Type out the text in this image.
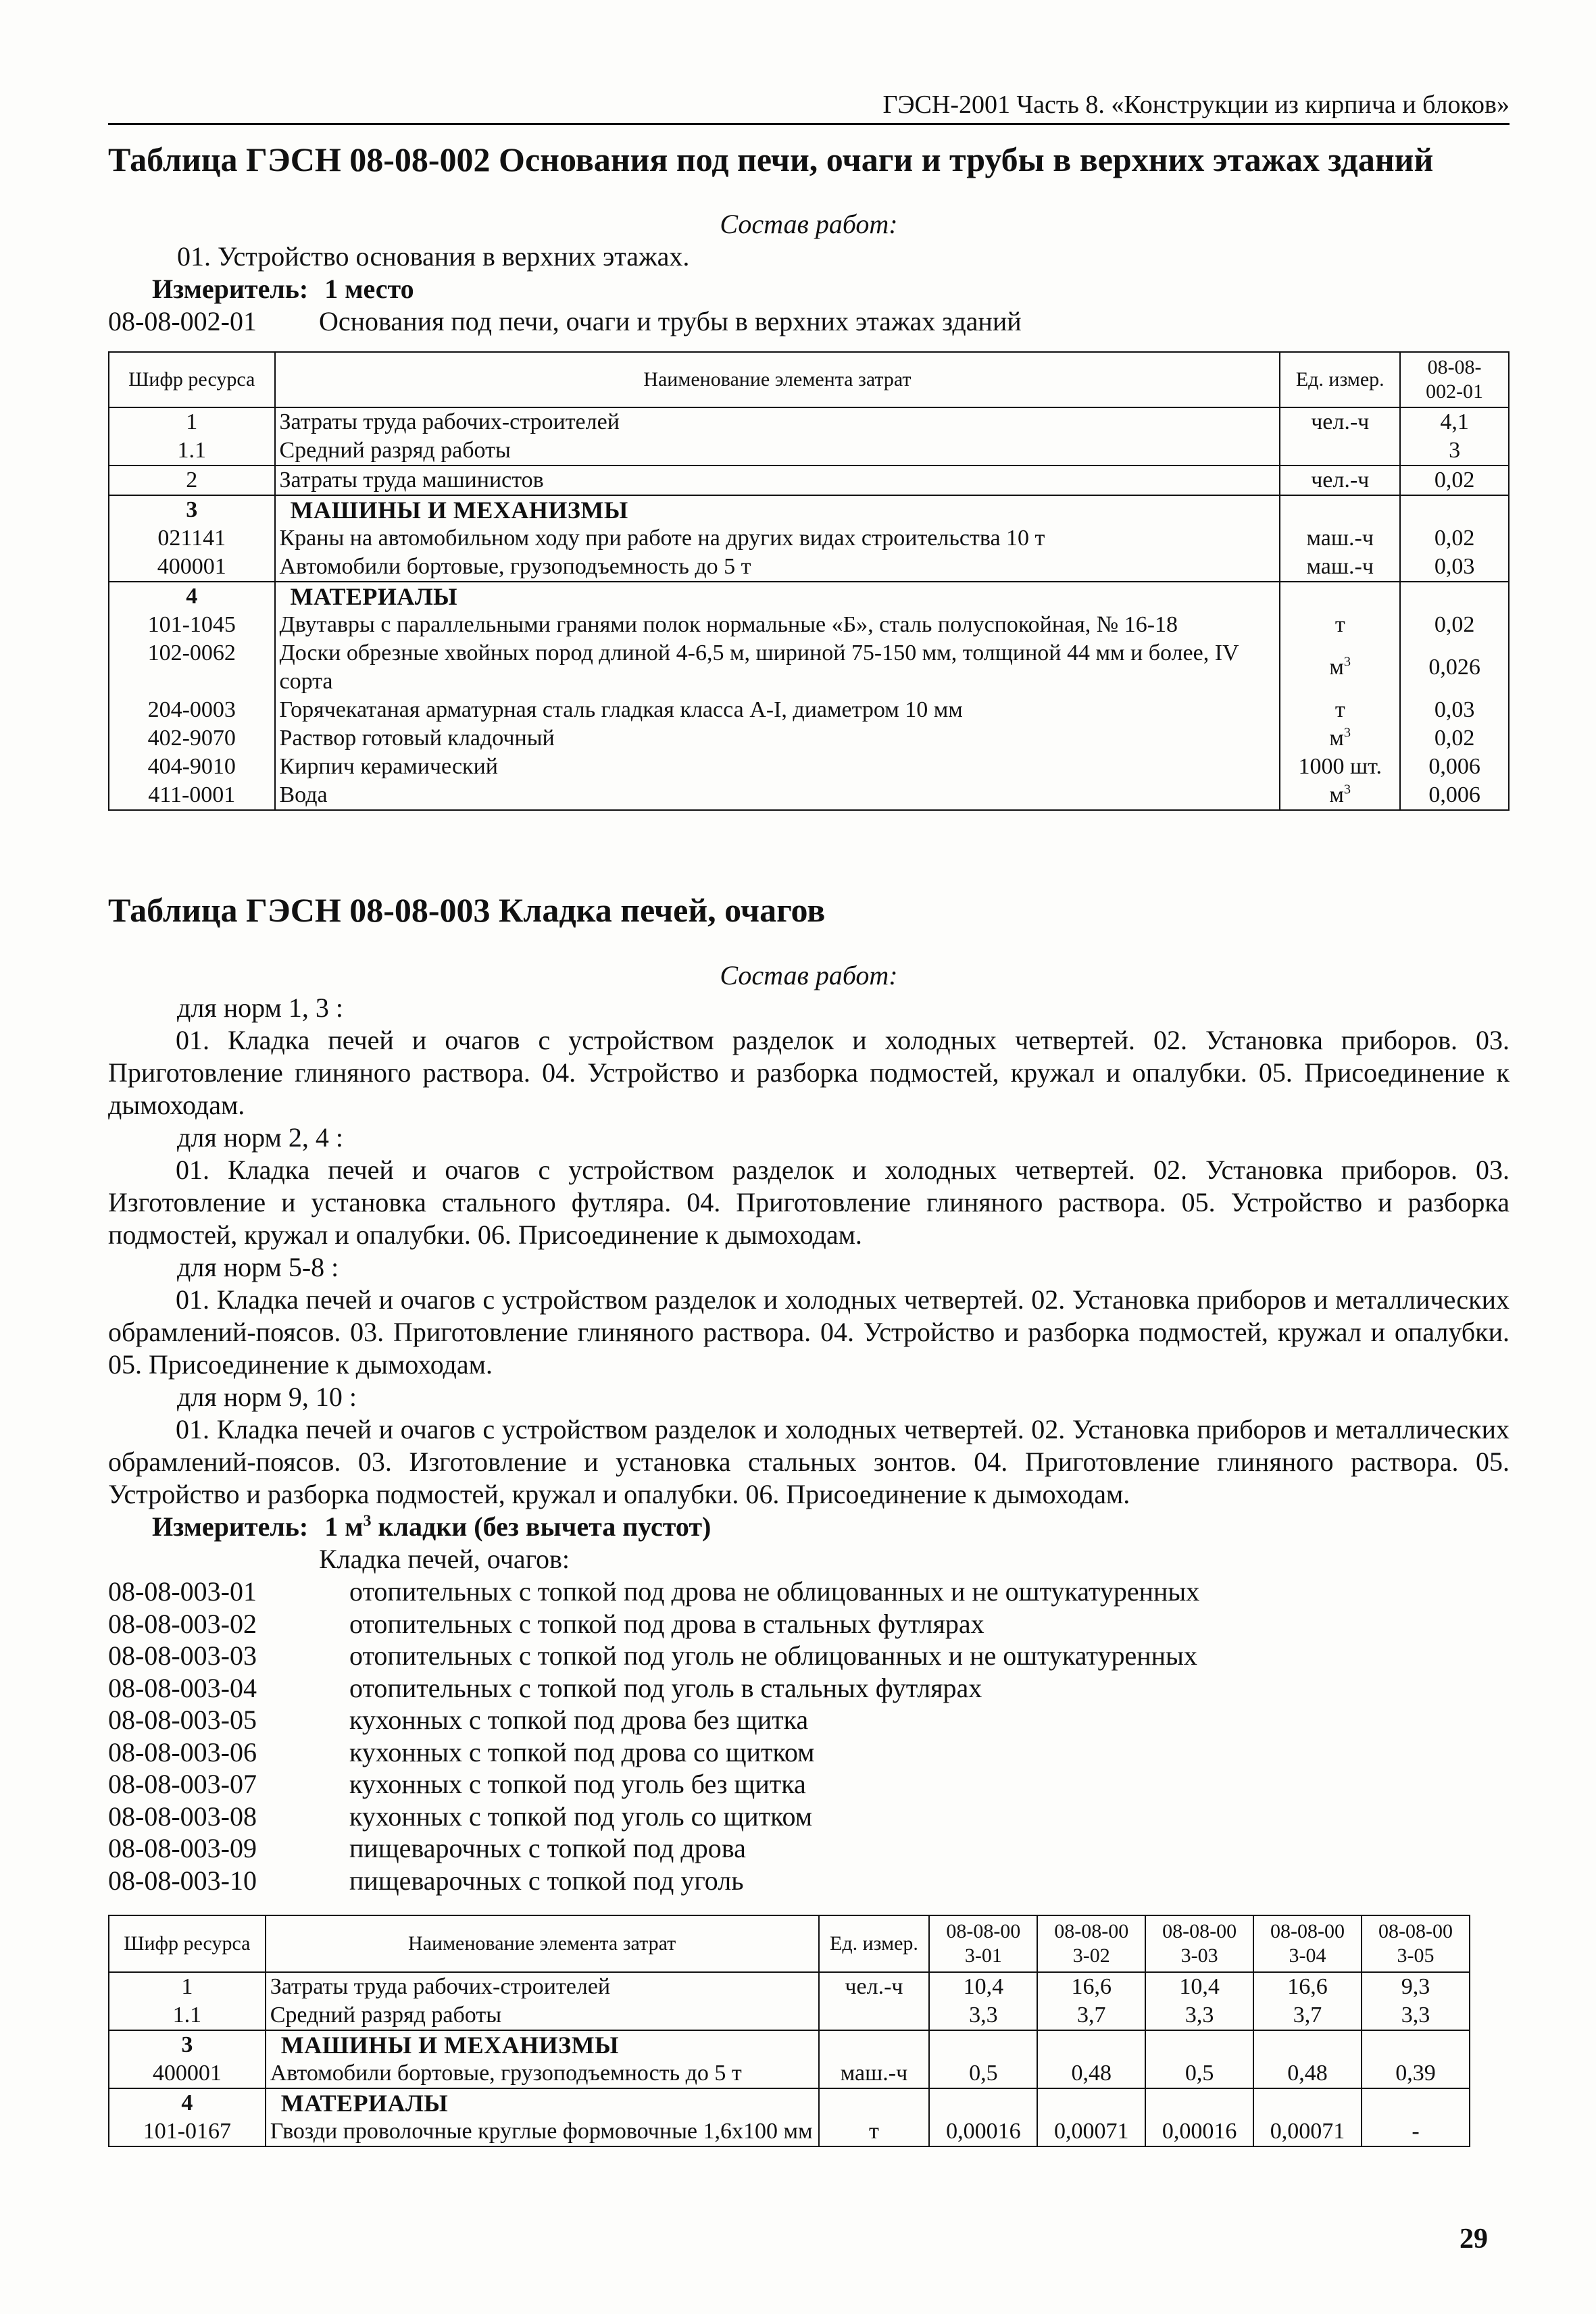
ГЭСН-2001 Часть 8. «Конструкции из кирпича и блоков»
Таблица ГЭСН 08-08-002 Основания под печи, очаги и трубы в верхних этажах зданий
Состав работ:
01. Устройство основания в верхних этажах.
Измеритель: 1 место
08-08-002-01 Основания под печи, очаги и трубы в верхних этажах зданий
Шифр ресурса	Наименование элемента затрат	Ед. измер.	08-08-002-01
1	Затраты труда рабочих-строителей	чел.-ч	4,1
1.1	Средний разряд работы		3
2	Затраты труда машинистов	чел.-ч	0,02
3	МАШИНЫ И МЕХАНИЗМЫ		
021141	Краны на автомобильном ходу при работе на других видах строительства 10 т	маш.-ч	0,02
400001	Автомобили бортовые, грузоподъемность до 5 т	маш.-ч	0,03
4	МАТЕРИАЛЫ		
101-1045	Двутавры с параллельными гранями полок нормальные «Б», сталь полуспокойная, № 16-18	т	0,02
102-0062	Доски обрезные хвойных пород длиной 4-6,5 м, шириной 75-150 мм, толщиной 44 мм и более, IV сорта	$м^3$	0,026
204-0003	Горячекатаная арматурная сталь гладкая класса А-I, диаметром 10 мм	т	0,03
402-9070	Раствор готовый кладочный	$м^3$	0,02
404-9010	Кирпич керамический	1000 шт.	0,006
411-0001	Вода	$м^3$	0,006
Таблица ГЭСН 08-08-003 Кладка печей, очагов
Состав работ:
для норм 1, 3 :
01. Кладка печей и очагов с устройством разделок и холодных четвертей. 02. Установка приборов. 03. Приготовление глиняного раствора. 04. Устройство и разборка подмостей, кружал и опалубки. 05. Присоединение к дымоходам.
для норм 2, 4 :
01. Кладка печей и очагов с устройством разделок и холодных четвертей. 02. Установка приборов. 03. Изготовление и установка стального футляра. 04. Приготовление глиняного раствора. 05. Устройство и разборка подмостей, кружал и опалубки. 06. Присоединение к дымоходам.
для норм 5-8 :
01. Кладка печей и очагов с устройством разделок и холодных четвертей. 02. Установка приборов и металлических обрамлений-поясов. 03. Приготовление глиняного раствора. 04. Устройство и разборка подмостей, кружал и опалубки. 05. Присоединение к дымоходам.
для норм 9, 10 :
01. Кладка печей и очагов с устройством разделок и холодных четвертей. 02. Установка приборов и металлических обрамлений-поясов. 03. Изготовление и установка стальных зонтов. 04. Приготовление глиняного раствора. 05. Устройство и разборка подмостей, кружал и опалубки. 06. Присоединение к дымоходам.
Измеритель: 1 $м^3$ кладки (без вычета пустот)
Кладка печей, очагов:
08-08-003-01	отопительных с топкой под дрова не облицованных и не оштукатуренных
08-08-003-02	отопительных с топкой под дрова в стальных футлярах
08-08-003-03	отопительных с топкой под уголь не облицованных и не оштукатуренных
08-08-003-04	отопительных с топкой под уголь в стальных футлярах
08-08-003-05	кухонных с топкой под дрова без щитка
08-08-003-06	кухонных с топкой под дрова со щитком
08-08-003-07	кухонных с топкой под уголь без щитка
08-08-003-08	кухонных с топкой под уголь со щитком
08-08-003-09	пищеварочных с топкой под дрова
08-08-003-10	пищеварочных с топкой под уголь
Шифр ресурса	Наименование элемента затрат	Ед. измер.	08-08-003-01	08-08-003-02	08-08-003-03	08-08-003-04	08-08-003-05
1	Затраты труда рабочих-строителей	чел.-ч	10,4	16,6	10,4	16,6	9,3
1.1	Средний разряд работы		3,3	3,7	3,3	3,7	3,3
3	МАШИНЫ И МЕХАНИЗМЫ						
400001	Автомобили бортовые, грузоподъемность до 5 т	маш.-ч	0,5	0,48	0,5	0,48	0,39
4	МАТЕРИАЛЫ						
101-0167	Гвозди проволочные круглые формовочные 1,6х100 мм	т	0,00016	0,00071	0,00016	0,00071	-
29
